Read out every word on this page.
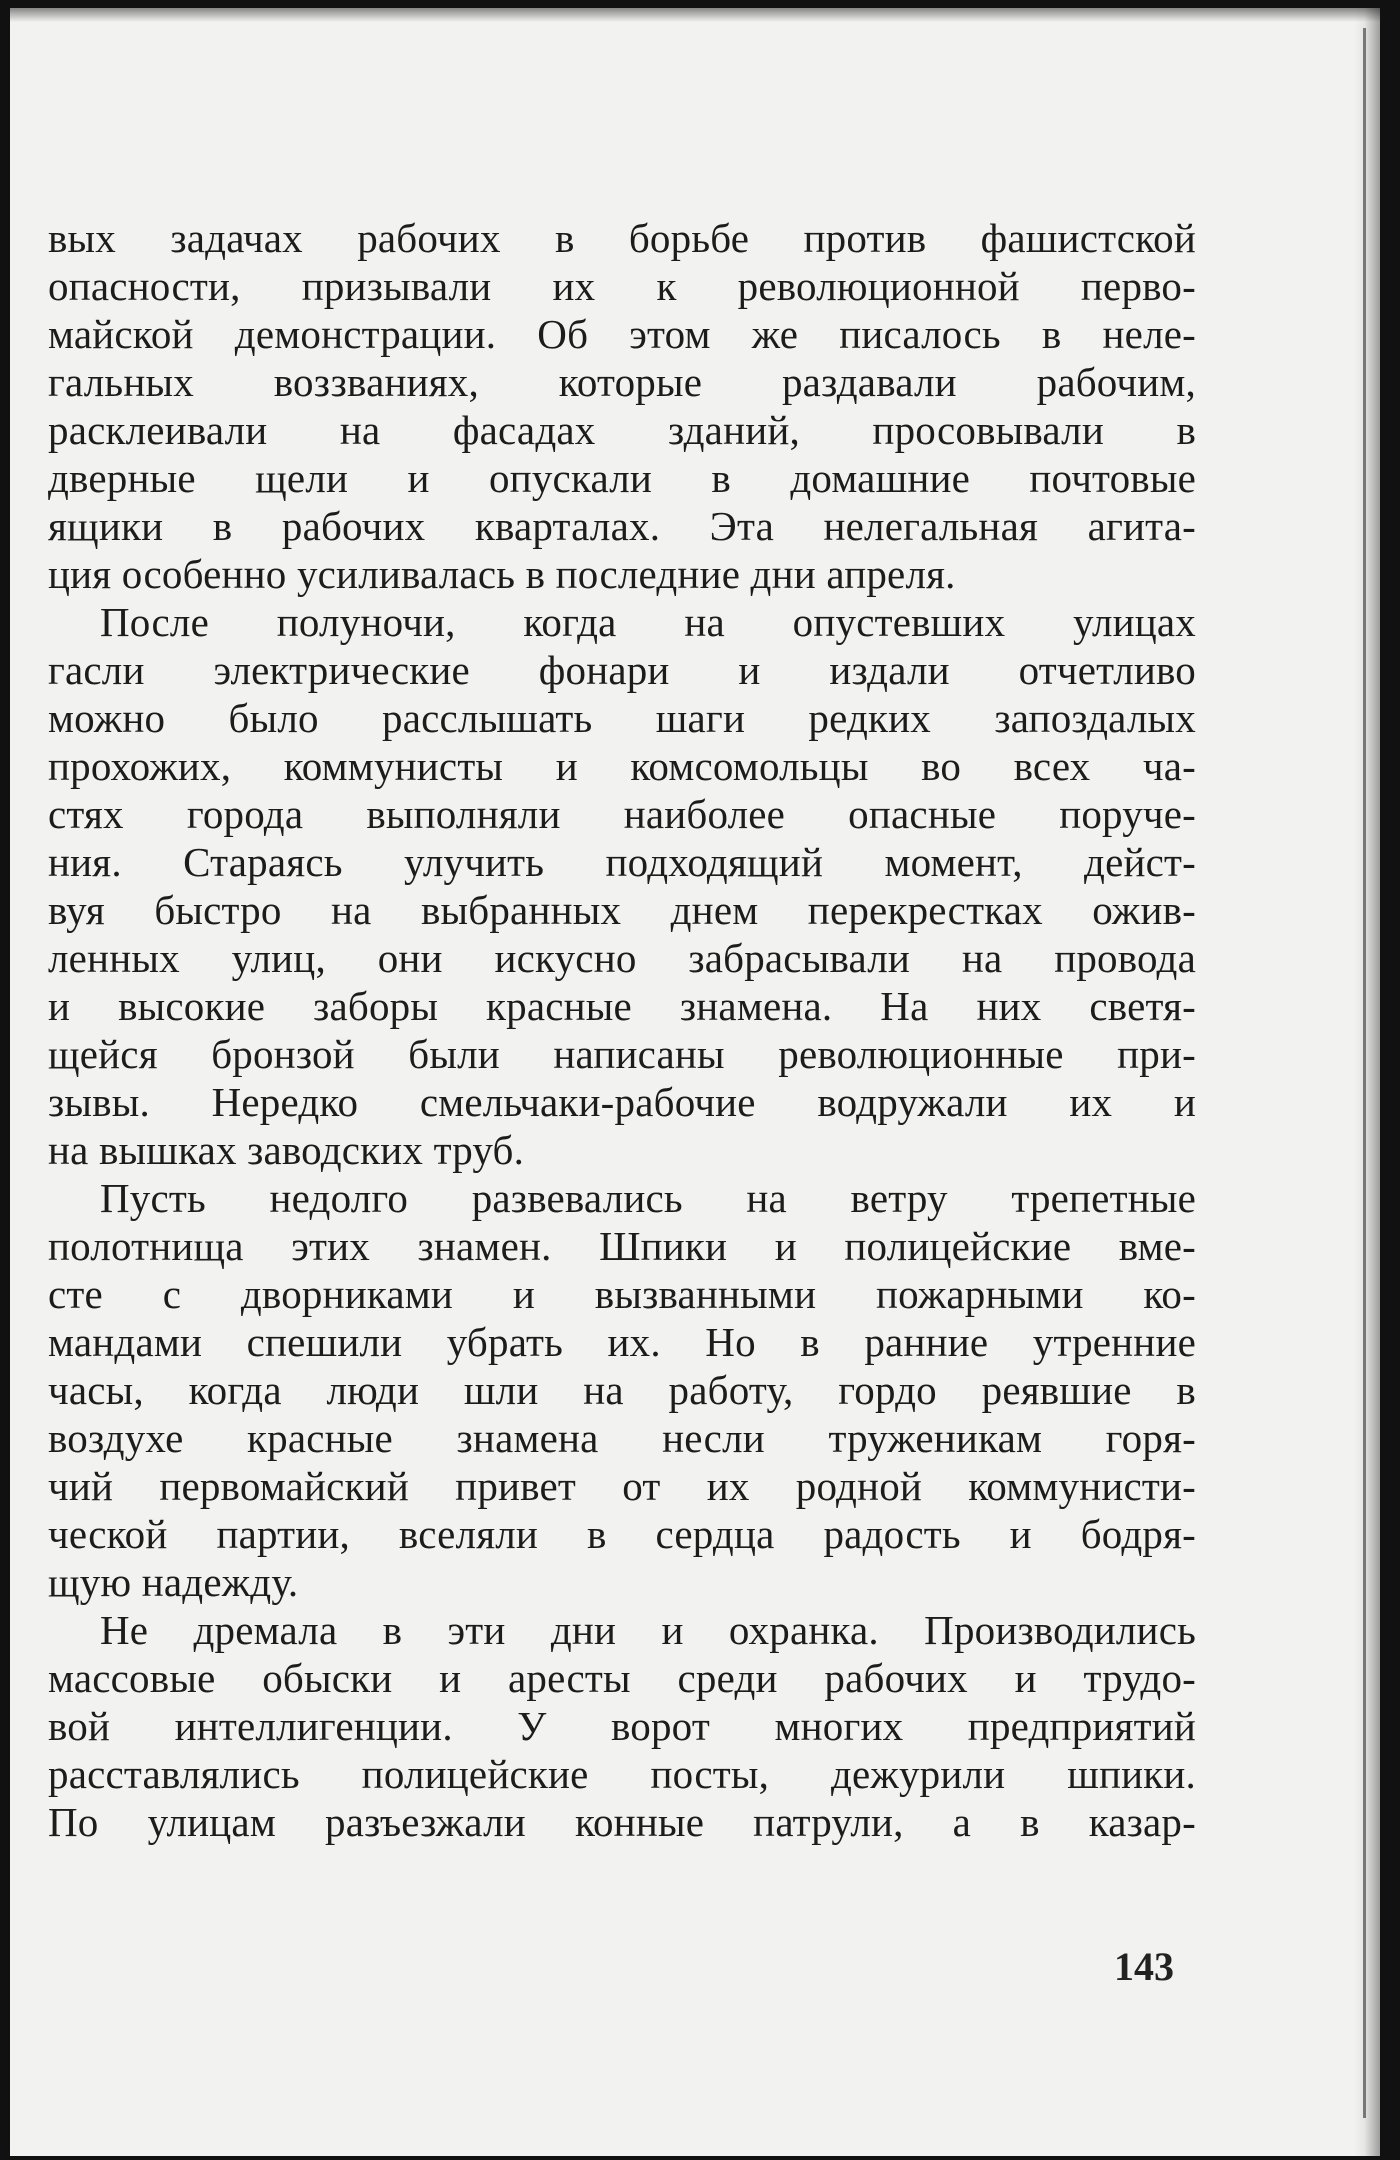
вых задачах рабочих в борьбе против фашистской
опасности, призывали их к революционной перво-
майской демонстрации. Об этом же писалось в неле-
гальных воззваниях, которые раздавали рабочим,
расклеивали на фасадах зданий, просовывали в
дверные щели и опускали в домашние почтовые
ящики в рабочих кварталах. Эта нелегальная агита-
ция особенно усиливалась в последние дни апреля.
После полуночи, когда на опустевших улицах
гасли электрические фонари и издали отчетливо
можно было расслышать шаги редких запоздалых
прохожих, коммунисты и комсомольцы во всех ча-
стях города выполняли наиболее опасные поруче-
ния. Стараясь улучить подходящий момент, дейст-
вуя быстро на выбранных днем перекрестках ожив-
ленных улиц, они искусно забрасывали на провода
и высокие заборы красные знамена. На них светя-
щейся бронзой были написаны революционные при-
зывы. Нередко смельчаки-рабочие водружали их и
на вышках заводских труб.
Пусть недолго развевались на ветру трепетные
полотнища этих знамен. Шпики и полицейские вме-
сте с дворниками и вызванными пожарными ко-
мандами спешили убрать их. Но в ранние утренние
часы, когда люди шли на работу, гордо реявшие в
воздухе красные знамена несли труженикам горя-
чий первомайский привет от их родной коммунисти-
ческой партии, вселяли в сердца радость и бодря-
щую надежду.
Не дремала в эти дни и охранка. Производились
массовые обыски и аресты среди рабочих и трудо-
вой интеллигенции. У ворот многих предприятий
расставлялись полицейские посты, дежурили шпики.
По улицам разъезжали конные патрули, а в казар-
143
